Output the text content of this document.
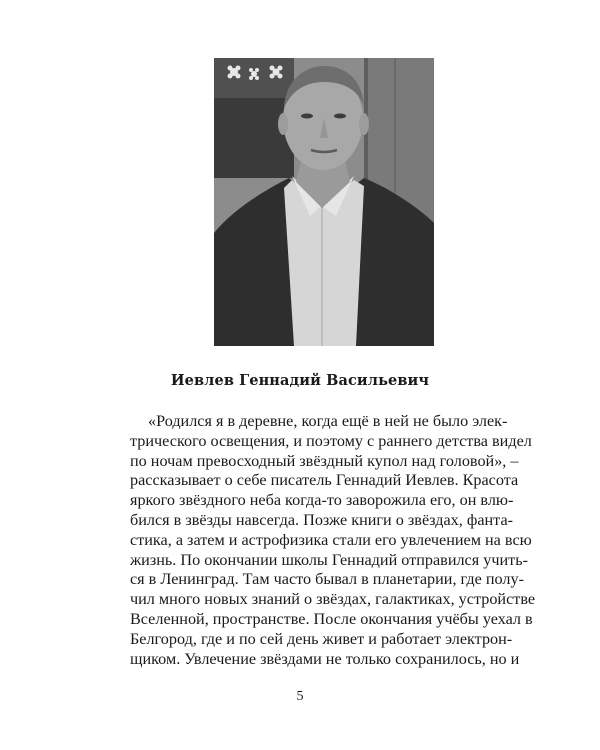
Иевлев Геннадий Васильевич
«Родился я в деревне, когда ещё в ней не было элек-
трического освещения, и поэтому с раннего детства видел
по ночам превосходный звёздный купол над головой», –
рассказывает о себе писатель Геннадий Иевлев. Красота
яркого звёздного неба когда-то заворожила его, он влю-
бился в звёзды навсегда. Позже книги о звёздах, фанта-
стика, а затем и астрофизика стали его увлечением на всю
жизнь. По окончании школы Геннадий отправился учить-
ся в Ленинград. Там часто бывал в планетарии, где полу-
чил много новых знаний о звёздах, галактиках, устройстве
Вселенной, пространстве. После окончания учёбы уехал в
Белгород, где и по сей день живет и работает электрон-
щиком. Увлечение звёздами не только сохранилось, но и
5
